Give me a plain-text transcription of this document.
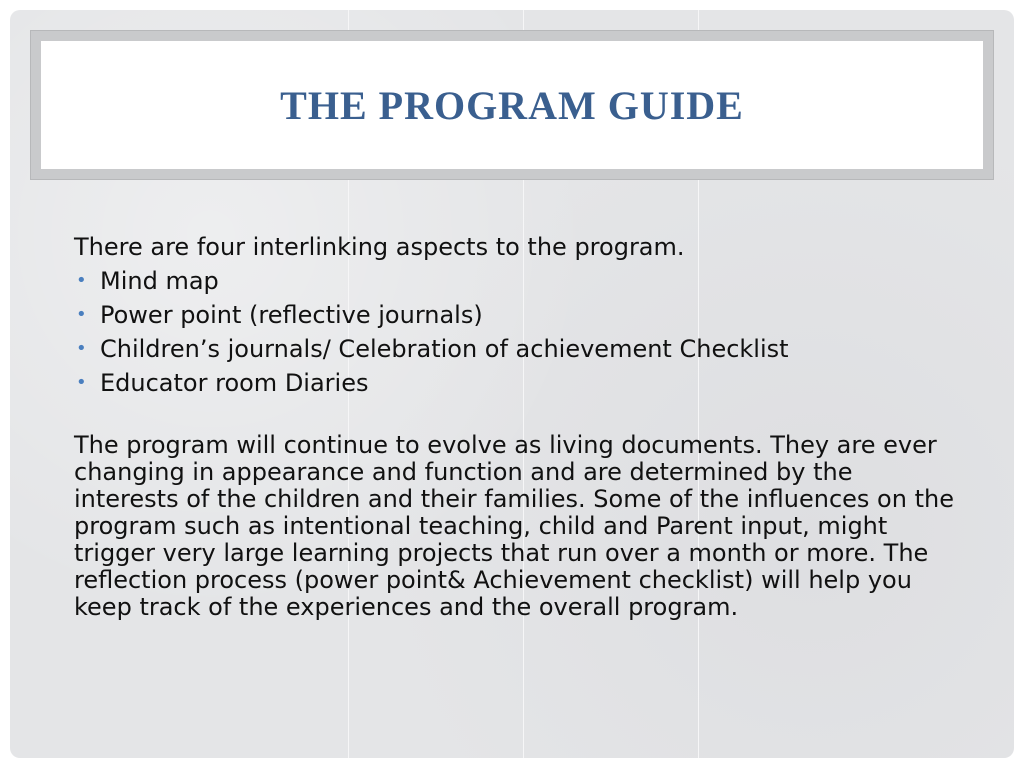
THE PROGRAM GUIDE

There are four interlinking aspects to the program.

• Mind map
• Power point (reflective journals)
• Children’s journals/ Celebration of achievement Checklist
• Educator room Diaries

The program will continue to evolve as living documents. They are ever changing in appearance and function and are determined by the interests of the children and their families. Some of the influences on the program such as intentional teaching, child and Parent input, might trigger very large learning projects that run over a month or more. The reflection process (power point& Achievement checklist) will help you keep track of the experiences and the overall program.
